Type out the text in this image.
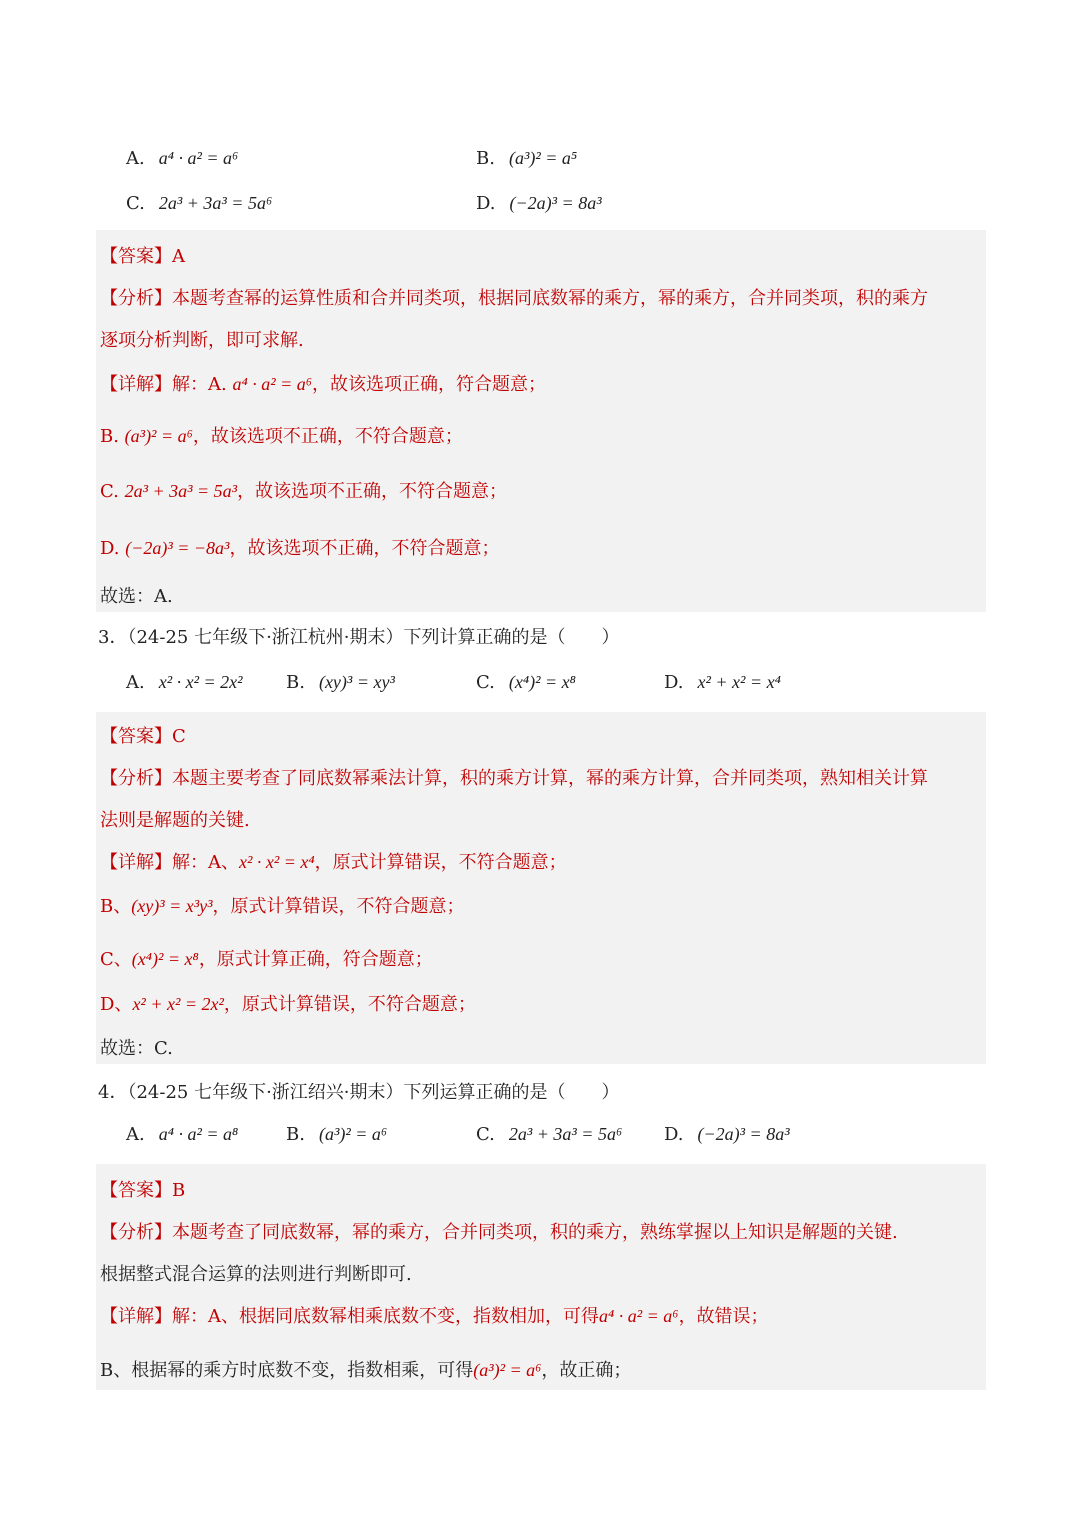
A. a⁴ · a² = a⁶	B. (a³)² = a⁵
C. 2a³ + 3a³ = 5a⁶	D. (−2a)³ = 8a³
【答案】A
【分析】本题考查幂的运算性质和合并同类项，根据同底数幂的乘方，幂的乘方，合并同类项，积的乘方
逐项分析判断，即可求解.
【详解】解：A. a⁴ · a² = a⁶，故该选项正确，符合题意；
B. (a³)² = a⁶，故该选项不正确，不符合题意；
C. 2a³ + 3a³ = 5a³，故该选项不正确，不符合题意；
D. (−2a)³ = −8a³，故该选项不正确，不符合题意；
故选：A.
3．（24-25 七年级下·浙江杭州·期末）下列计算正确的是（　　）
A. x² · x² = 2x² B. (xy)³ = xy³	C. (x⁴)² = x⁸	D. x² + x² = x⁴
【答案】C
【分析】本题主要考查了同底数幂乘法计算，积的乘方计算，幂的乘方计算，合并同类项，熟知相关计算
法则是解题的关键.
【详解】解：A、x² · x² = x⁴，原式计算错误，不符合题意；
B、(xy)³ = x³y³，原式计算错误，不符合题意；
C、(x⁴)² = x⁸，原式计算正确，符合题意；
D、x² + x² = 2x²，原式计算错误，不符合题意；
故选：C.
4．（24-25 七年级下·浙江绍兴·期末）下列运算正确的是（　　）
A. a⁴ · a² = a⁸	B. (a³)² = a⁶	C. 2a³ + 3a³ = 5a⁶ D. (−2a)³ = 8a³
【答案】B
【分析】本题考查了同底数幂，幂的乘方，合并同类项，积的乘方，熟练掌握以上知识是解题的关键.
根据整式混合运算的法则进行判断即可.
【详解】解：A、根据同底数幂相乘底数不变，指数相加，可得a⁴ · a² = a⁶，故错误；
B、根据幂的乘方时底数不变，指数相乘，可得(a³)² = a⁶，故正确；
